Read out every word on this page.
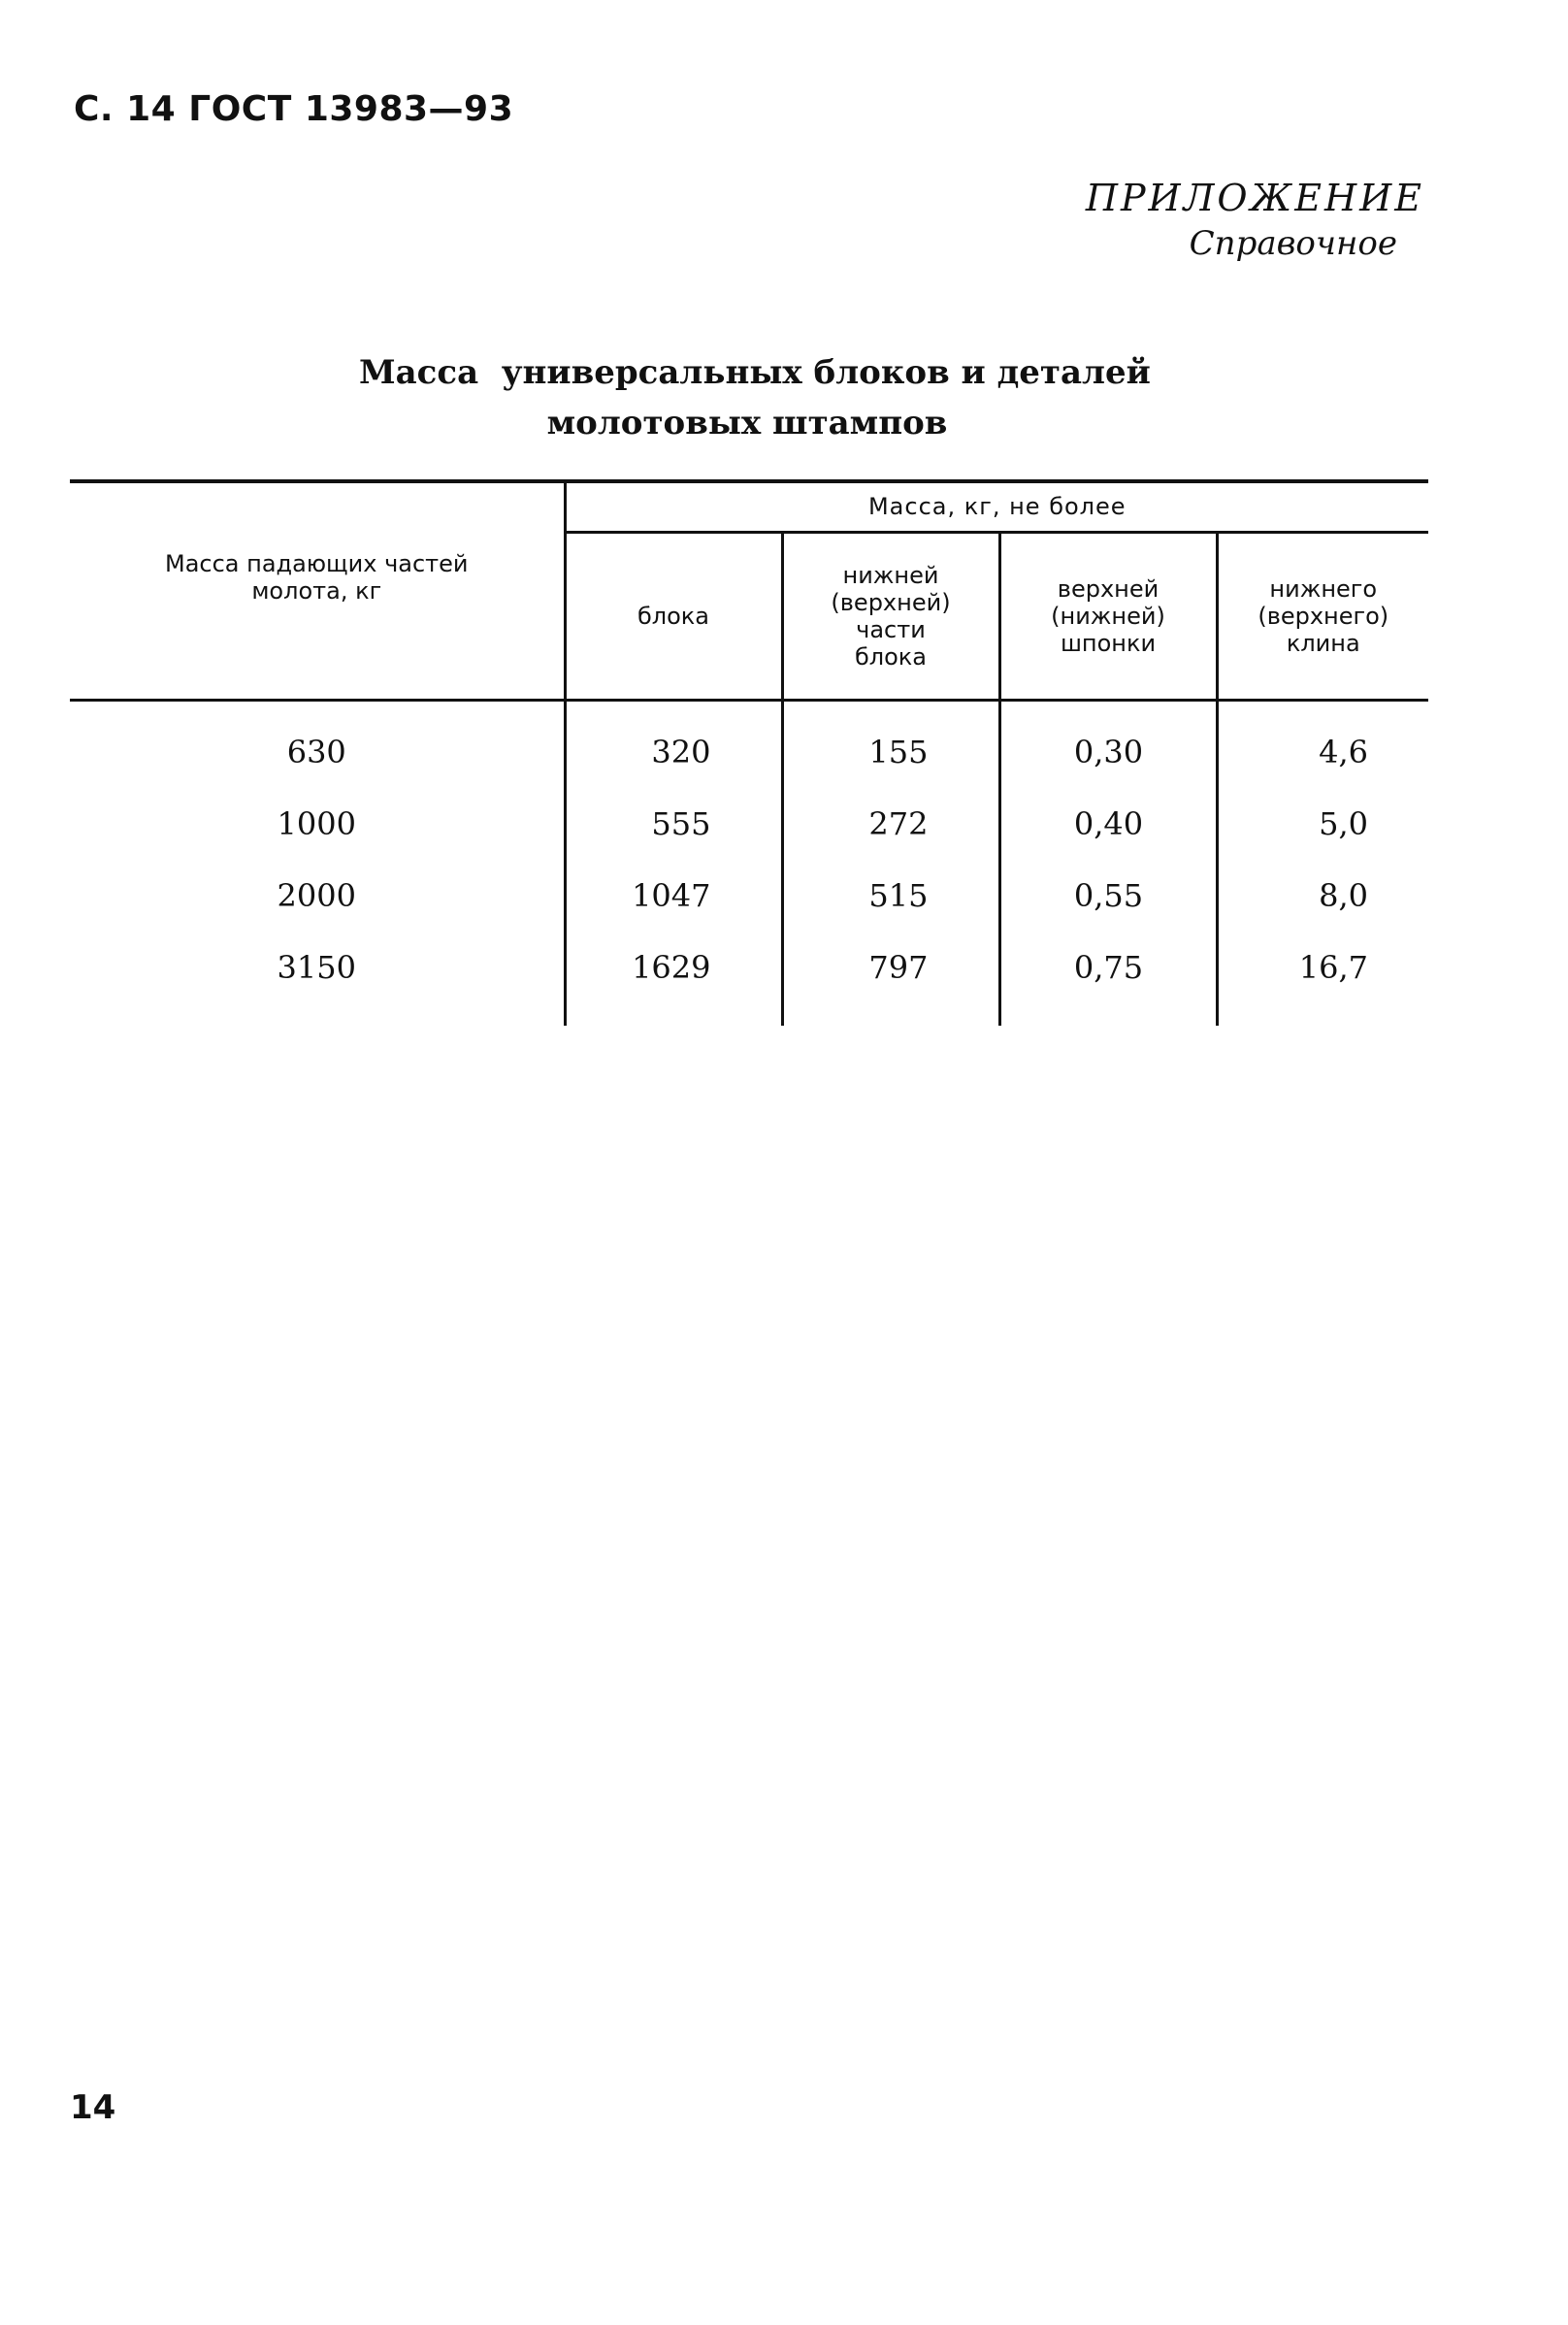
С. 14 ГОСТ 13983—93
ПРИЛОЖЕНИЕ
Справочное
Масса  универсальных блоков и деталей
молотовых штампов
Масса падающих частей молота, кг	Масса, кг, не более			

	блока	нижней (верхней) части блока	верхней (нижней) шпонки	нижнего (верхнего) клина

630	320	155	0,30	4,6
1000	555	272	0,40	5,0
2000	1047	515	0,55	8,0
3150	1629	797	0,75	16,7
14
